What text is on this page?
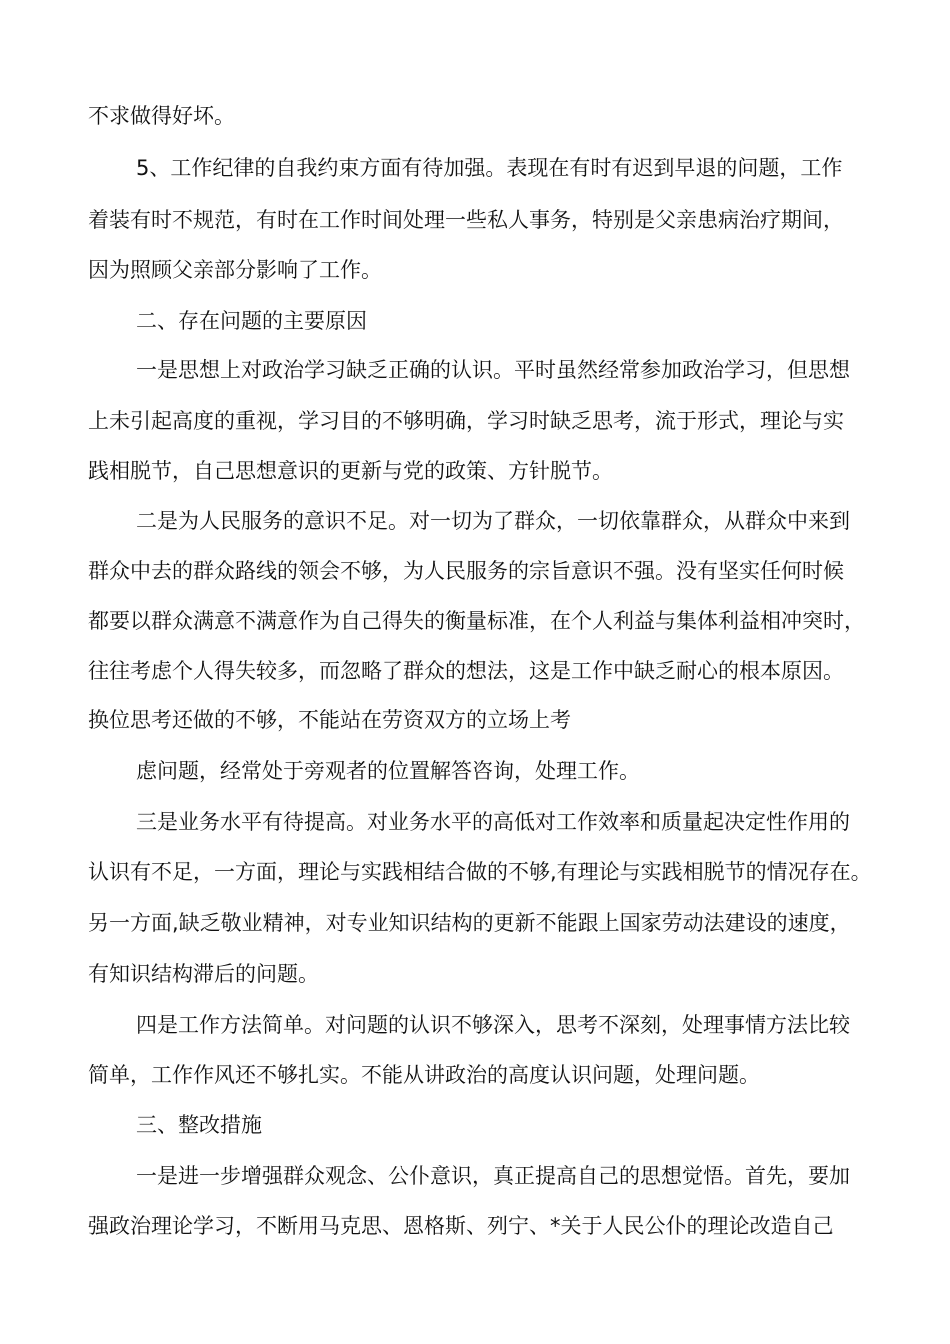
不求做得好坏。
5、工作纪律的自我约束方面有待加强。表现在有时有迟到早退的问题，工作
着装有时不规范，有时在工作时间处理一些私人事务，特别是父亲患病治疗期间，
因为照顾父亲部分影响了工作。
二、存在问题的主要原因
一是思想上对政治学习缺乏正确的认识。平时虽然经常参加政治学习，但思想
上未引起高度的重视，学习目的不够明确，学习时缺乏思考，流于形式，理论与实
践相脱节，自己思想意识的更新与党的政策、方针脱节。
二是为人民服务的意识不足。对一切为了群众，一切依靠群众，从群众中来到
群众中去的群众路线的领会不够，为人民服务的宗旨意识不强。没有坚实任何时候
都要以群众满意不满意作为自己得失的衡量标准，在个人利益与集体利益相冲突时，
往往考虑个人得失较多，而忽略了群众的想法，这是工作中缺乏耐心的根本原因。
换位思考还做的不够，不能站在劳资双方的立场上考
虑问题，经常处于旁观者的位置解答咨询，处理工作。
三是业务水平有待提高。对业务水平的高低对工作效率和质量起决定性作用的
认识有不足，一方面，理论与实践相结合做的不够,有理论与实践相脱节的情况存在。
另一方面,缺乏敬业精神，对专业知识结构的更新不能跟上国家劳动法建设的速度，
有知识结构滞后的问题。
四是工作方法简单。对问题的认识不够深入，思考不深刻，处理事情方法比较
简单，工作作风还不够扎实。不能从讲政治的高度认识问题，处理问题。
三、整改措施
一是进一步增强群众观念、公仆意识，真正提高自己的思想觉悟。首先，要加
强政治理论学习，不断用马克思、恩格斯、列宁、*关于人民公仆的理论改造自己
